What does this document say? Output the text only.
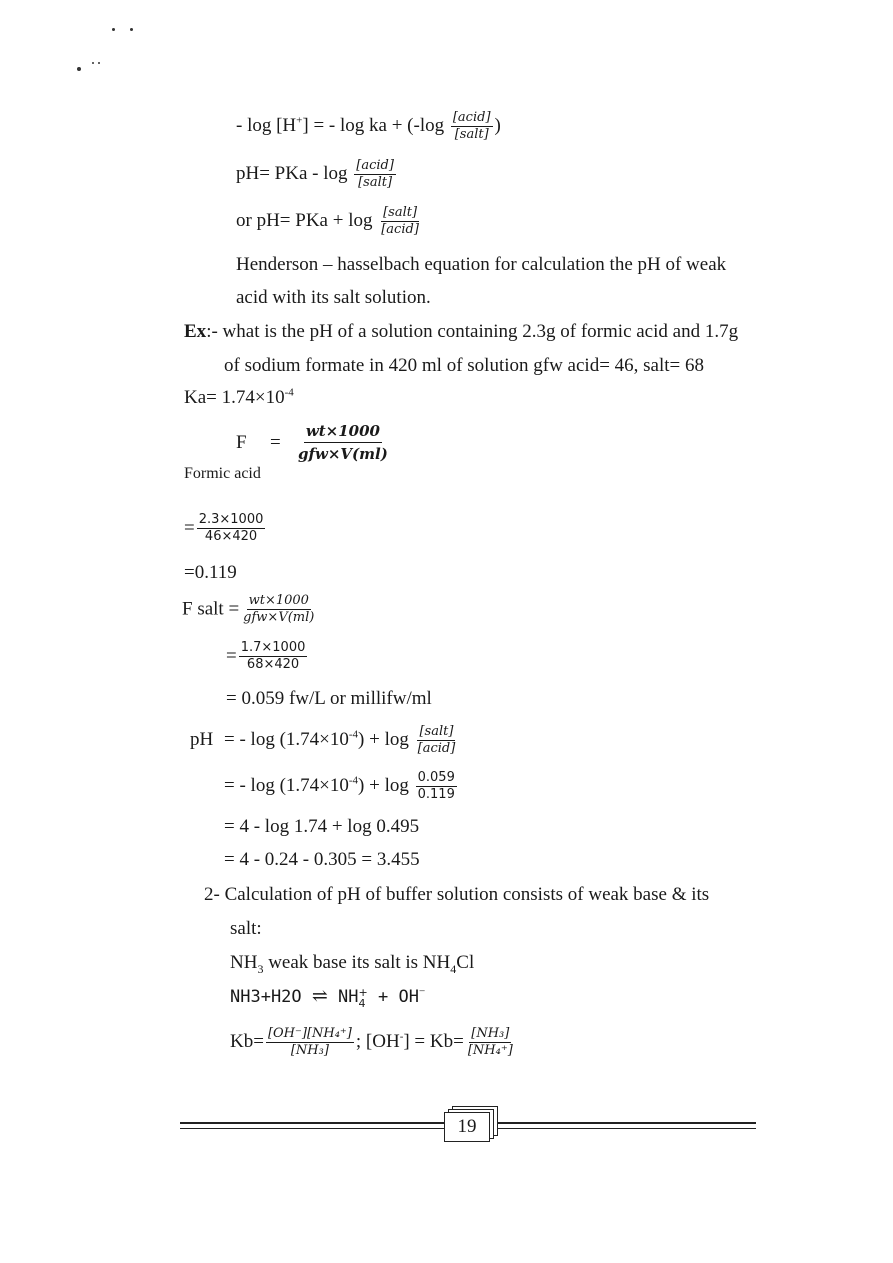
- log [H+] = - log ka + ($-\log \frac{\text{[acid]}}{\text{[salt]}}$ )
pH= PKa - $\log \frac{\text{[acid]}}{\text{[salt]}}$
or pH= PKa + $\log \frac{\text{[salt]}}{\text{[acid]}}$
Henderson – hasselbach equation for calculation the pH of weak
acid with its salt solution.
Ex:- what is the pH of a solution containing 2.3g of formic acid and 1.7g
of sodium formate in 420 ml of solution gfw acid= 46, salt= 68
$Ka= 1.74\times 10^{-4}$
$F = \frac{wt\times 1000}{\text{gfw×V(ml)}}$
Formic acid
= $\frac{2.3\times 1000}{46\times 420}$
=0.119
F salt = $\frac{wt\times 1000}{\text{gfw×V(ml)}}$
= $\frac{1.7\times 1000}{68\times 420}$
= 0.059 fw/L or millifw/ml
pH = - $\log (1.74\times 10^{-4}) + \log \frac{\text{[salt]}}{\text{[acid]}}$
= - $\log (1.74\times 10^{-4}) + \log \frac{0.059}{0.119}$
= 4 - log 1.74 + log 0.495
= 4 - 0.24 - 0.305 = 3.455
2- Calculation of pH of buffer solution consists of weak base & its
salt:
$NH_3$ weak base its salt is $NH_4Cl$
NH3+H2O ⇌ NH +
4 + OH−
$Kb= \frac{\text{[OH⁻][NH₄⁺]}}{\text{[NH₃]}}$ ; $[OH^-] = Kb= \frac{\text{[NH₃]}}{\text{[NH₄⁺]}}$
19
